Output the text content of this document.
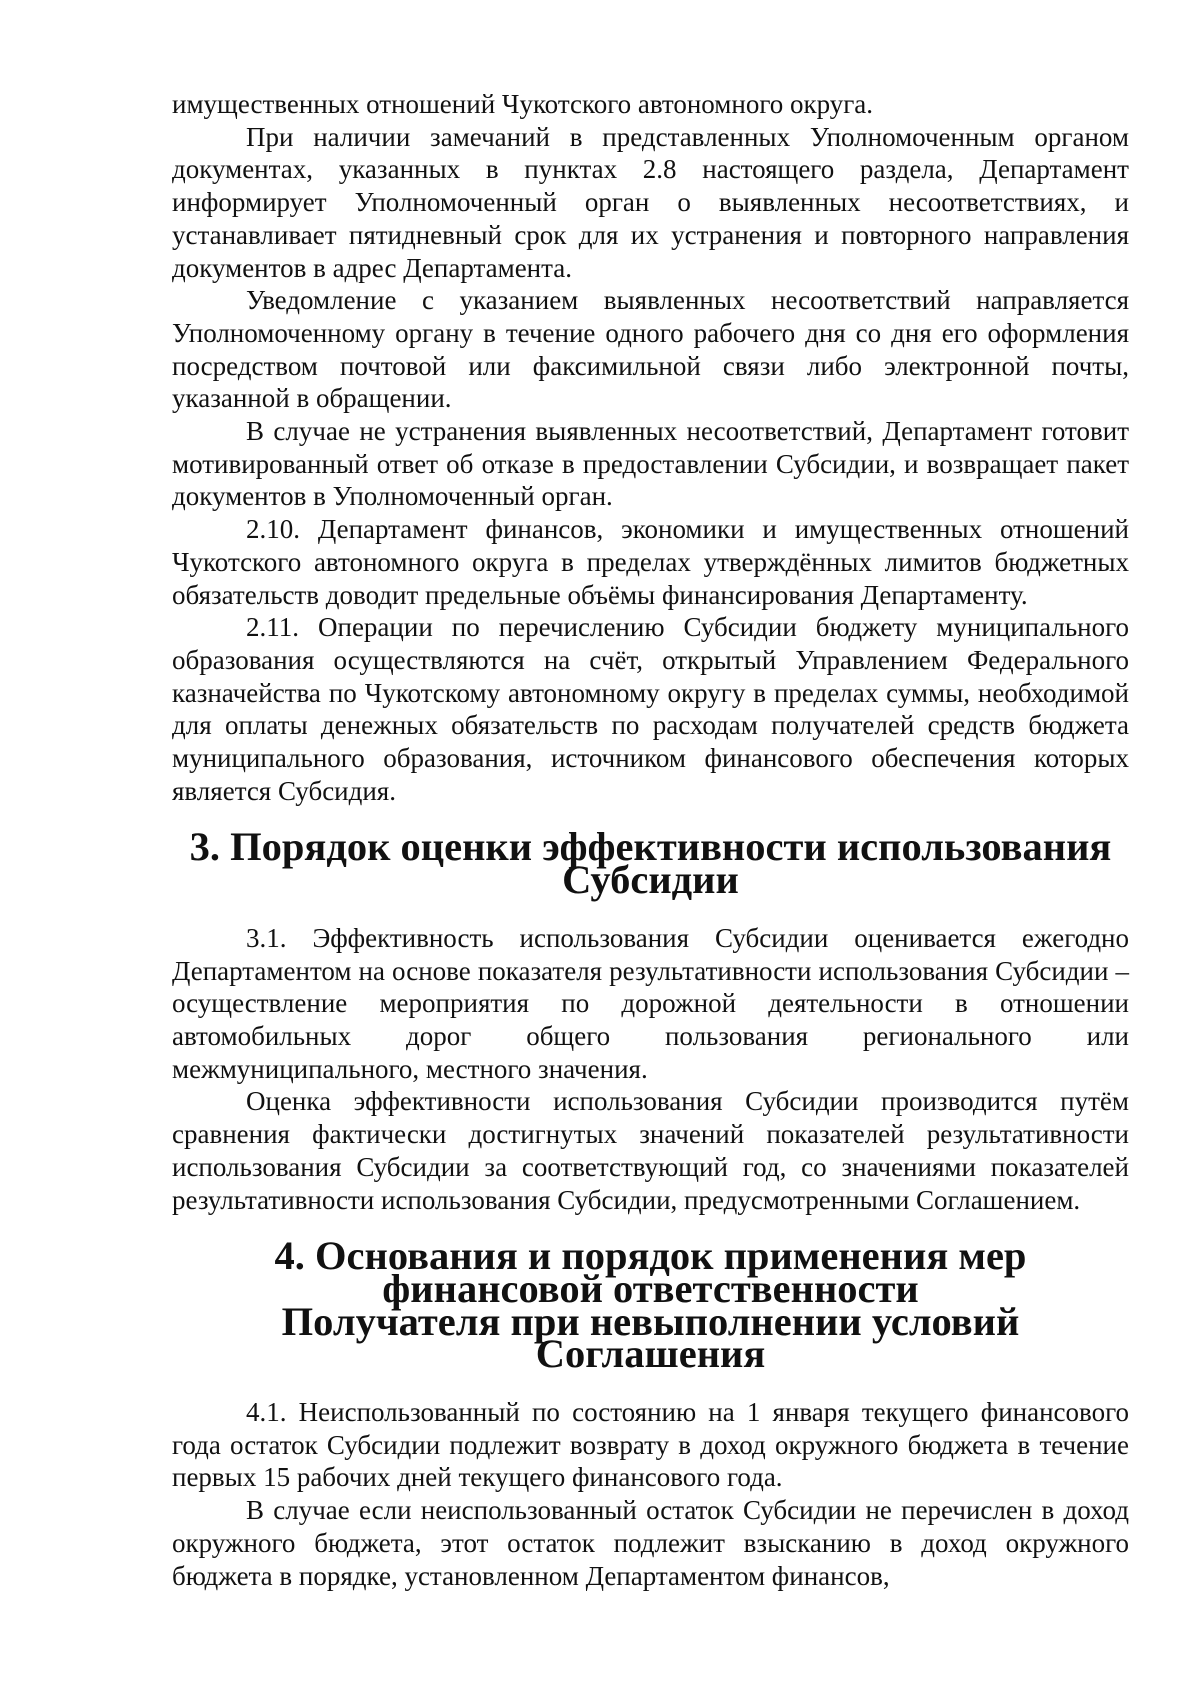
имущественных отношений Чукотского автономного округа.

При наличии замечаний в представленных Уполномоченным органом документах, указанных в пунктах 2.8 настоящего раздела, Департамент информирует Уполномоченный орган о выявленных несоответствиях, и устанавливает пятидневный срок для их устранения и повторного направления документов в адрес Департамента.

Уведомление с указанием выявленных несоответствий направляется Уполномоченному органу в течение одного рабочего дня со дня его оформления посредством почтовой или факсимильной связи либо электронной почты, указанной в обращении.

В случае не устранения выявленных несоответствий, Департамент готовит мотивированный ответ об отказе в предоставлении Субсидии, и возвращает пакет документов в Уполномоченный орган.

2.10. Департамент финансов, экономики и имущественных отношений Чукотского автономного округа в пределах утверждённых лимитов бюджетных обязательств доводит предельные объёмы финансирования Департаменту.

2.11. Операции по перечислению Субсидии бюджету муниципального образования осуществляются на счёт, открытый Управлением Федерального казначейства по Чукотскому автономному округу в пределах суммы, необходимой для оплаты денежных обязательств по расходам получателей средств бюджета муниципального образования, источником финансового обеспечения которых является Субсидия.

3. Порядок оценки эффективности использования Субсидии

3.1. Эффективность использования Субсидии оценивается ежегодно Департаментом на основе показателя результативности использования Субсидии – осуществление мероприятия по дорожной деятельности в отношении автомобильных дорог общего пользования регионального или межмуниципального, местного значения.

Оценка эффективности использования Субсидии производится путём сравнения фактически достигнутых значений показателей результативности использования Субсидии за соответствующий год, со значениями показателей результативности использования Субсидии, предусмотренными Соглашением.

4. Основания и порядок применения мер финансовой ответственности
Получателя при невыполнении условий Соглашения

4.1. Неиспользованный по состоянию на 1 января текущего финансового года остаток Субсидии подлежит возврату в доход окружного бюджета в течение первых 15 рабочих дней текущего финансового года.

В случае если неиспользованный остаток Субсидии не перечислен в доход окружного бюджета, этот остаток подлежит взысканию в доход окружного бюджета в порядке, установленном Департаментом финансов,
